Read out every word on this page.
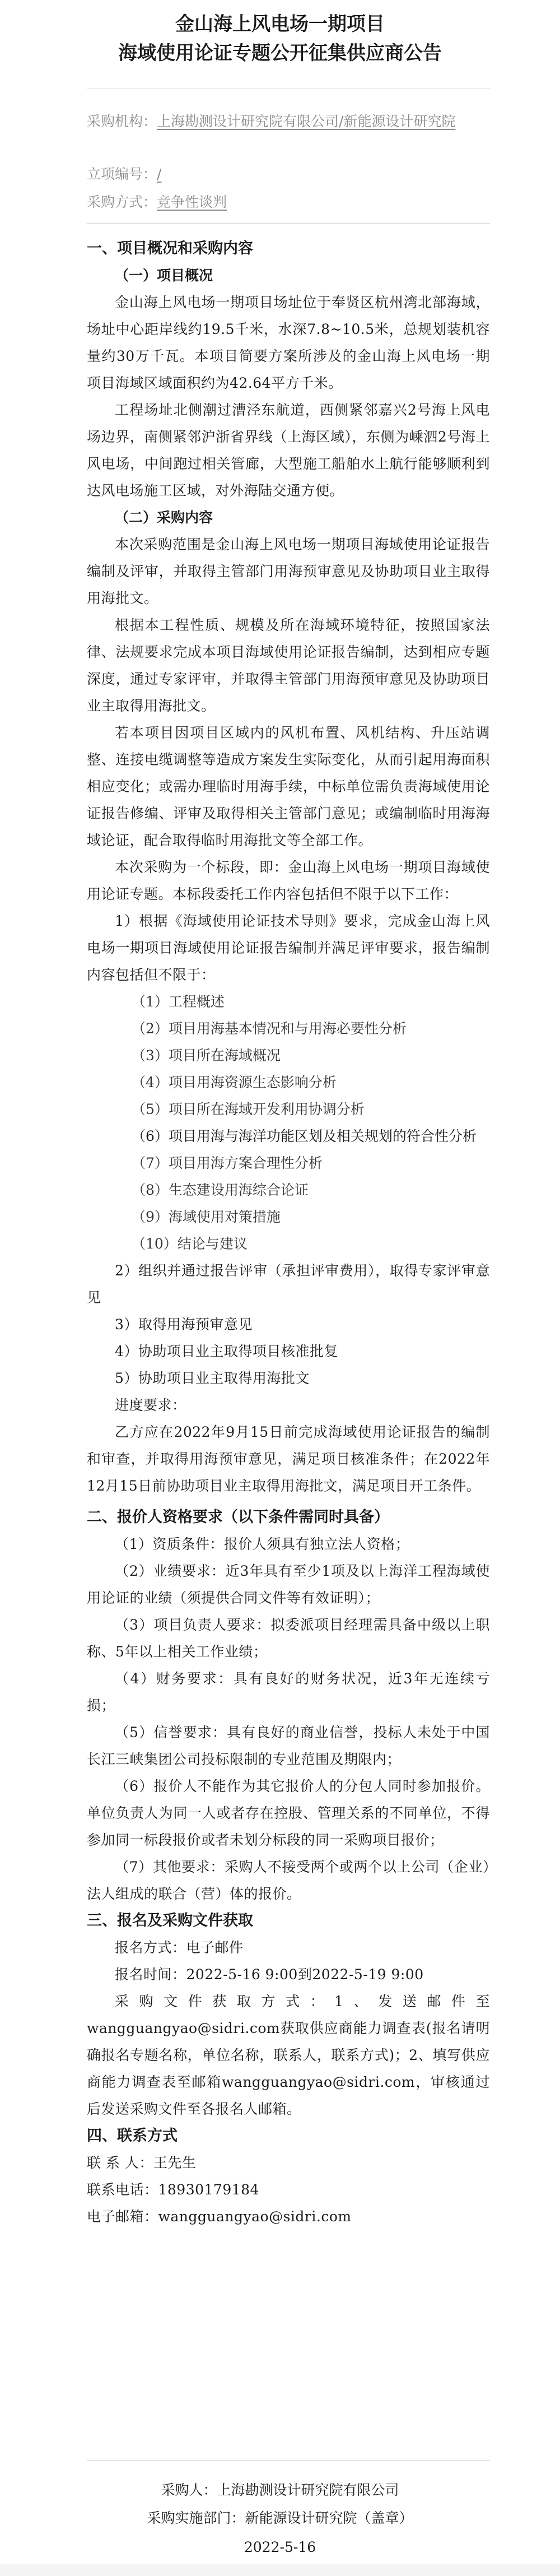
金山海上风电场一期项目
海域使用论证专题公开征集供应商公告
采购机构：上海勘测设计研究院有限公司/新能源设计研究院
立项编号：/
采购方式：竞争性谈判

一、项目概况和采购内容

（一）项目概况

金山海上风电场一期项目场址位于奉贤区杭州湾北部海域，场址中心距岸线约19.5千米，水深7.8~10.5米，总规划装机容量约30万千瓦。本项目简要方案所涉及的金山海上风电场一期项目海域区域面积约为42.64平方千米。

工程场址北侧潮过漕泾东航道，西侧紧邻嘉兴2号海上风电场边界，南侧紧邻沪浙省界线（上海区域），东侧为嵊泗2号海上风电场，中间跑过相关管廊，大型施工船舶水上航行能够顺利到达风电场施工区域，对外海陆交通方便。

（二）采购内容

本次采购范围是金山海上风电场一期项目海域使用论证报告编制及评审，并取得主管部门用海预审意见及协助项目业主取得用海批文。

根据本工程性质、规模及所在海域环境特征，按照国家法律、法规要求完成本项目海域使用论证报告编制，达到相应专题深度，通过专家评审，并取得主管部门用海预审意见及协助项目业主取得用海批文。

若本项目因项目区域内的风机布置、风机结构、升压站调整、连接电缆调整等造成方案发生实际变化，从而引起用海面积相应变化；或需办理临时用海手续，中标单位需负责海域使用论证报告修编、评审及取得相关主管部门意见；或编制临时用海海域论证，配合取得临时用海批文等全部工作。

本次采购为一个标段，即：金山海上风电场一期项目海域使用论证专题。本标段委托工作内容包括但不限于以下工作：

1）根据《海域使用论证技术导则》要求，完成金山海上风电场一期项目海域使用论证报告编制并满足评审要求，报告编制内容包括但不限于：

（1）工程概述

（2）项目用海基本情况和与用海必要性分析

（3）项目所在海域概况

（4）项目用海资源生态影响分析

（5）项目所在海域开发利用协调分析

（6）项目用海与海洋功能区划及相关规划的符合性分析

（7）项目用海方案合理性分析

（8）生态建设用海综合论证

（9）海域使用对策措施

（10）结论与建议

2）组织并通过报告评审（承担评审费用），取得专家评审意见

3）取得用海预审意见

4）协助项目业主取得项目核准批复

5）协助项目业主取得用海批文

进度要求：

乙方应在2022年9月15日前完成海域使用论证报告的编制和审查，并取得用海预审意见，满足项目核准条件；在2022年12月15日前协助项目业主取得用海批文，满足项目开工条件。

二、报价人资格要求（以下条件需同时具备）

（1）资质条件：报价人须具有独立法人资格；

（2）业绩要求：近3年具有至少1项及以上海洋工程海域使用论证的业绩（须提供合同文件等有效证明）；

（3）项目负责人要求：拟委派项目经理需具备中级以上职称、5年以上相关工作业绩；

（4）财务要求：具有良好的财务状况，近3年无连续亏损；

（5）信誉要求：具有良好的商业信誉，投标人未处于中国长江三峡集团公司投标限制的专业范围及期限内；

（6）报价人不能作为其它报价人的分包人同时参加报价。单位负责人为同一人或者存在控股、管理关系的不同单位，不得参加同一标段报价或者未划分标段的同一采购项目报价；

（7）其他要求：采购人不接受两个或两个以上公司（企业）法人组成的联合（营）体的报价。

三、报名及采购文件获取

报名方式：电子邮件

报名时间：2022-5-16 9:00到2022-5-19 9:00

采购文件获取方式：1、发送邮件至wangguangyao@sidri.com获取供应商能力调查表(报名请明确报名专题名称，单位名称，联系人，联系方式)；2、填写供应商能力调查表至邮箱wangguangyao@sidri.com，审核通过后发送采购文件至各报名人邮箱。

四、联系方式

联 系 人：王先生

联系电话：18930179184

电子邮箱：wangguangyao@sidri.com

采购人：上海勘测设计研究院有限公司
采购实施部门：新能源设计研究院（盖章）
2022-5-16
